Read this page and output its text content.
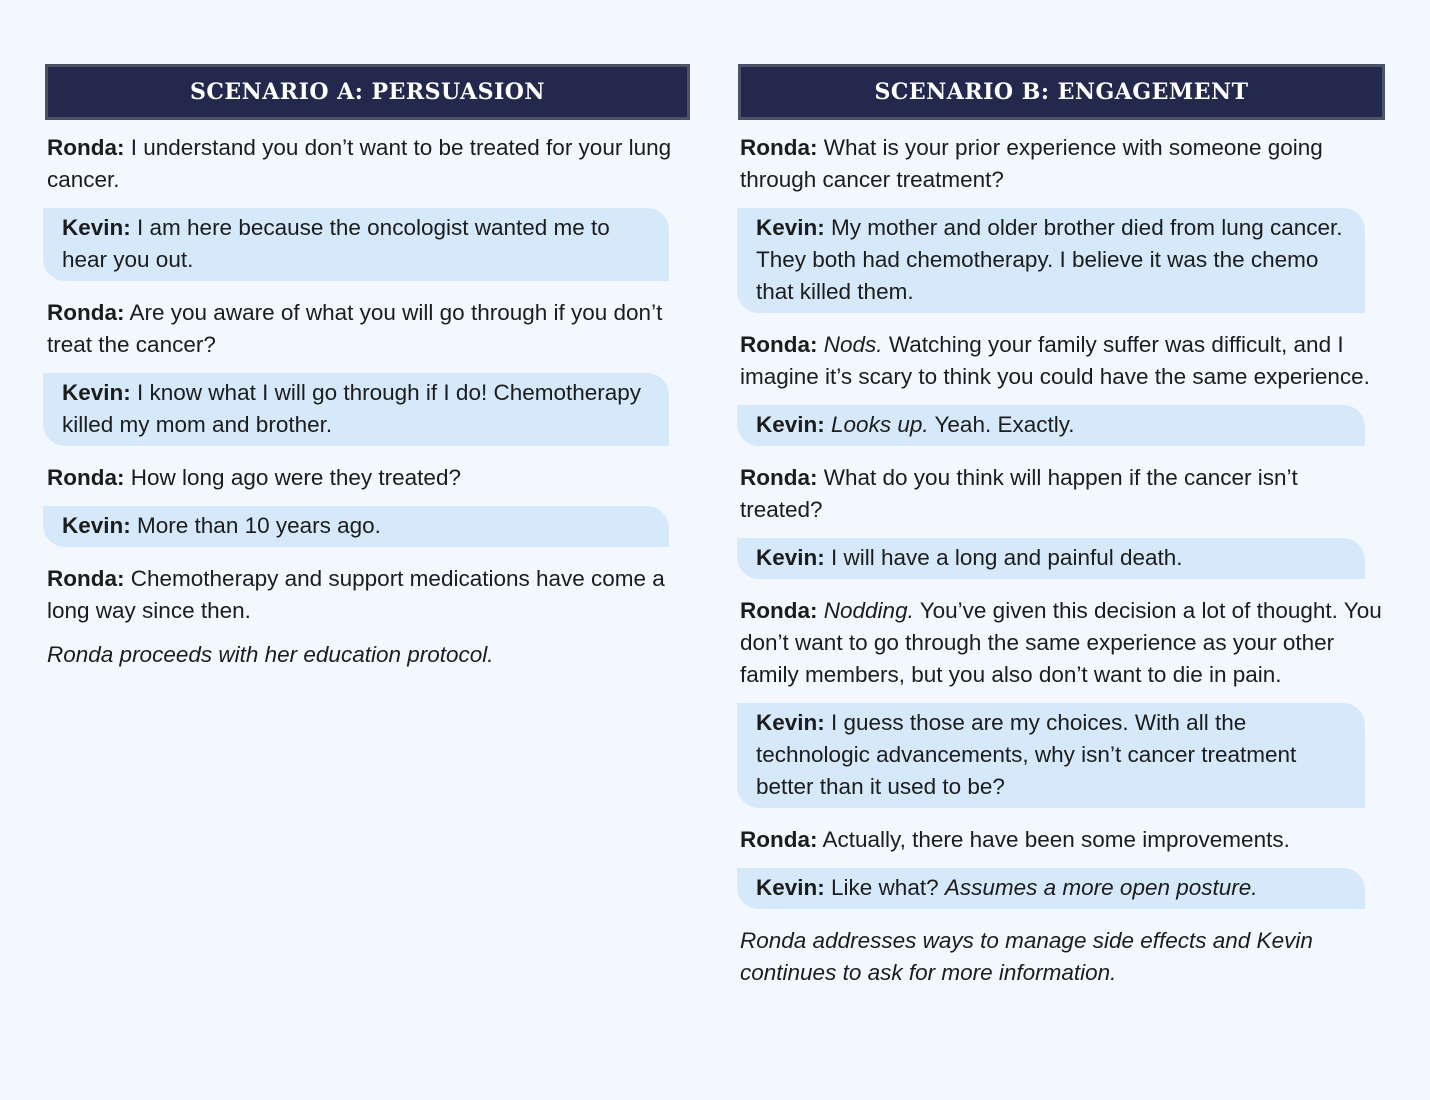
SCENARIO A: PERSUASION

Ronda: I understand you don’t want to be treated for your lung cancer.

Kevin: I am here because the oncologist wanted me to hear you out.

Ronda: Are you aware of what you will go through if you don’t treat the cancer?

Kevin: I know what I will go through if I do! Chemotherapy killed my mom and brother.

Ronda: How long ago were they treated?

Kevin: More than 10 years ago.

Ronda: Chemotherapy and support medications have come a long way since then.

Ronda proceeds with her education protocol.

SCENARIO B: ENGAGEMENT

Ronda: What is your prior experience with someone going through cancer treatment?

Kevin: My mother and older brother died from lung cancer. They both had chemotherapy. I believe it was the chemo that killed them.

Ronda: Nods. Watching your family suffer was difficult, and I imagine it’s scary to think you could have the same experience.

Kevin: Looks up. Yeah. Exactly.

Ronda: What do you think will happen if the cancer isn’t treated?

Kevin: I will have a long and painful death.

Ronda: Nodding. You’ve given this decision a lot of thought. You don’t want to go through the same experience as your other family members, but you also don’t want to die in pain.

Kevin: I guess those are my choices. With all the technologic advancements, why isn’t cancer treatment better than it used to be?

Ronda: Actually, there have been some improvements.

Kevin: Like what? Assumes a more open posture.

Ronda addresses ways to manage side effects and Kevin continues to ask for more information.
